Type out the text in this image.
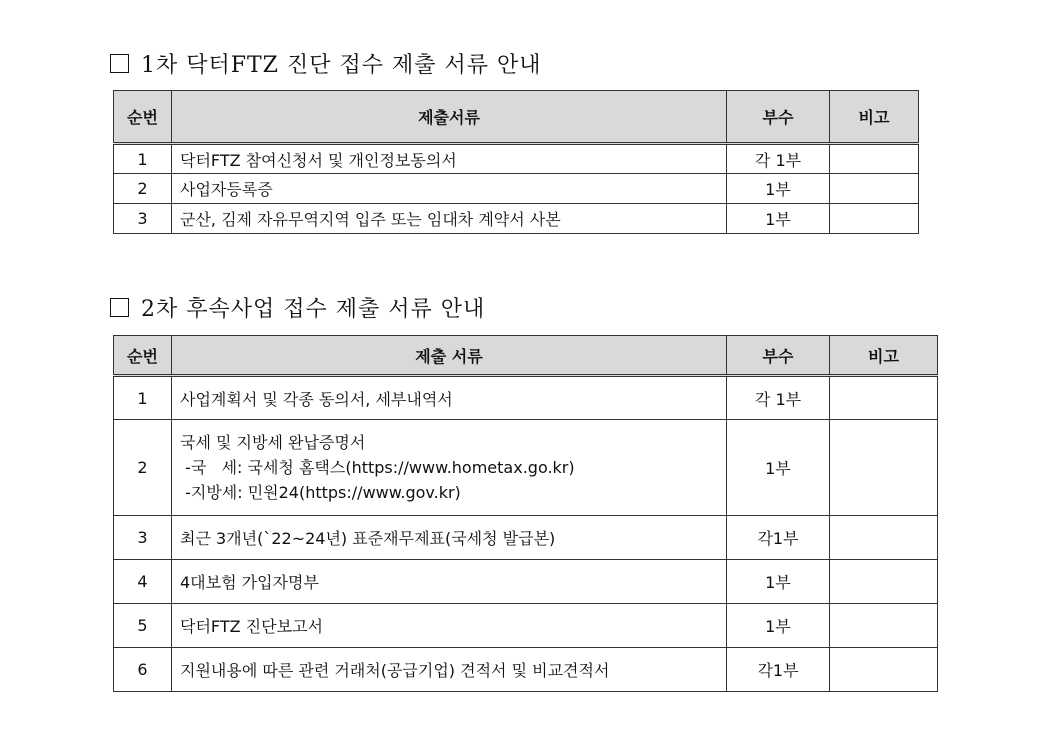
1차 닥터FTZ 진단 접수 제출 서류 안내
순번	제출서류	부수	비고
1	닥터FTZ 참여신청서 및 개인정보동의서	각 1부	
2	사업자등록증	1부	
3	군산, 김제 자유무역지역 입주 또는 임대차 계약서 사본	1부	
2차 후속사업 접수 제출 서류 안내
순번	제출 서류	부수	비고
1	사업계획서 및 각종 동의서, 세부내역서	각 1부	
2	국세 및 지방세 완납증명서
-국   세: 국세청 홈택스(https://www.hometax.go.kr)
-지방세: 민원24(https://www.gov.kr)	1부	
3	최근 3개년(`22~24년) 표준재무제표(국세청 발급본)	각1부	
4	4대보험 가입자명부	1부	
5	닥터FTZ 진단보고서	1부	
6	지원내용에 따른 관련 거래처(공급기업) 견적서 및 비교견적서	각1부	
